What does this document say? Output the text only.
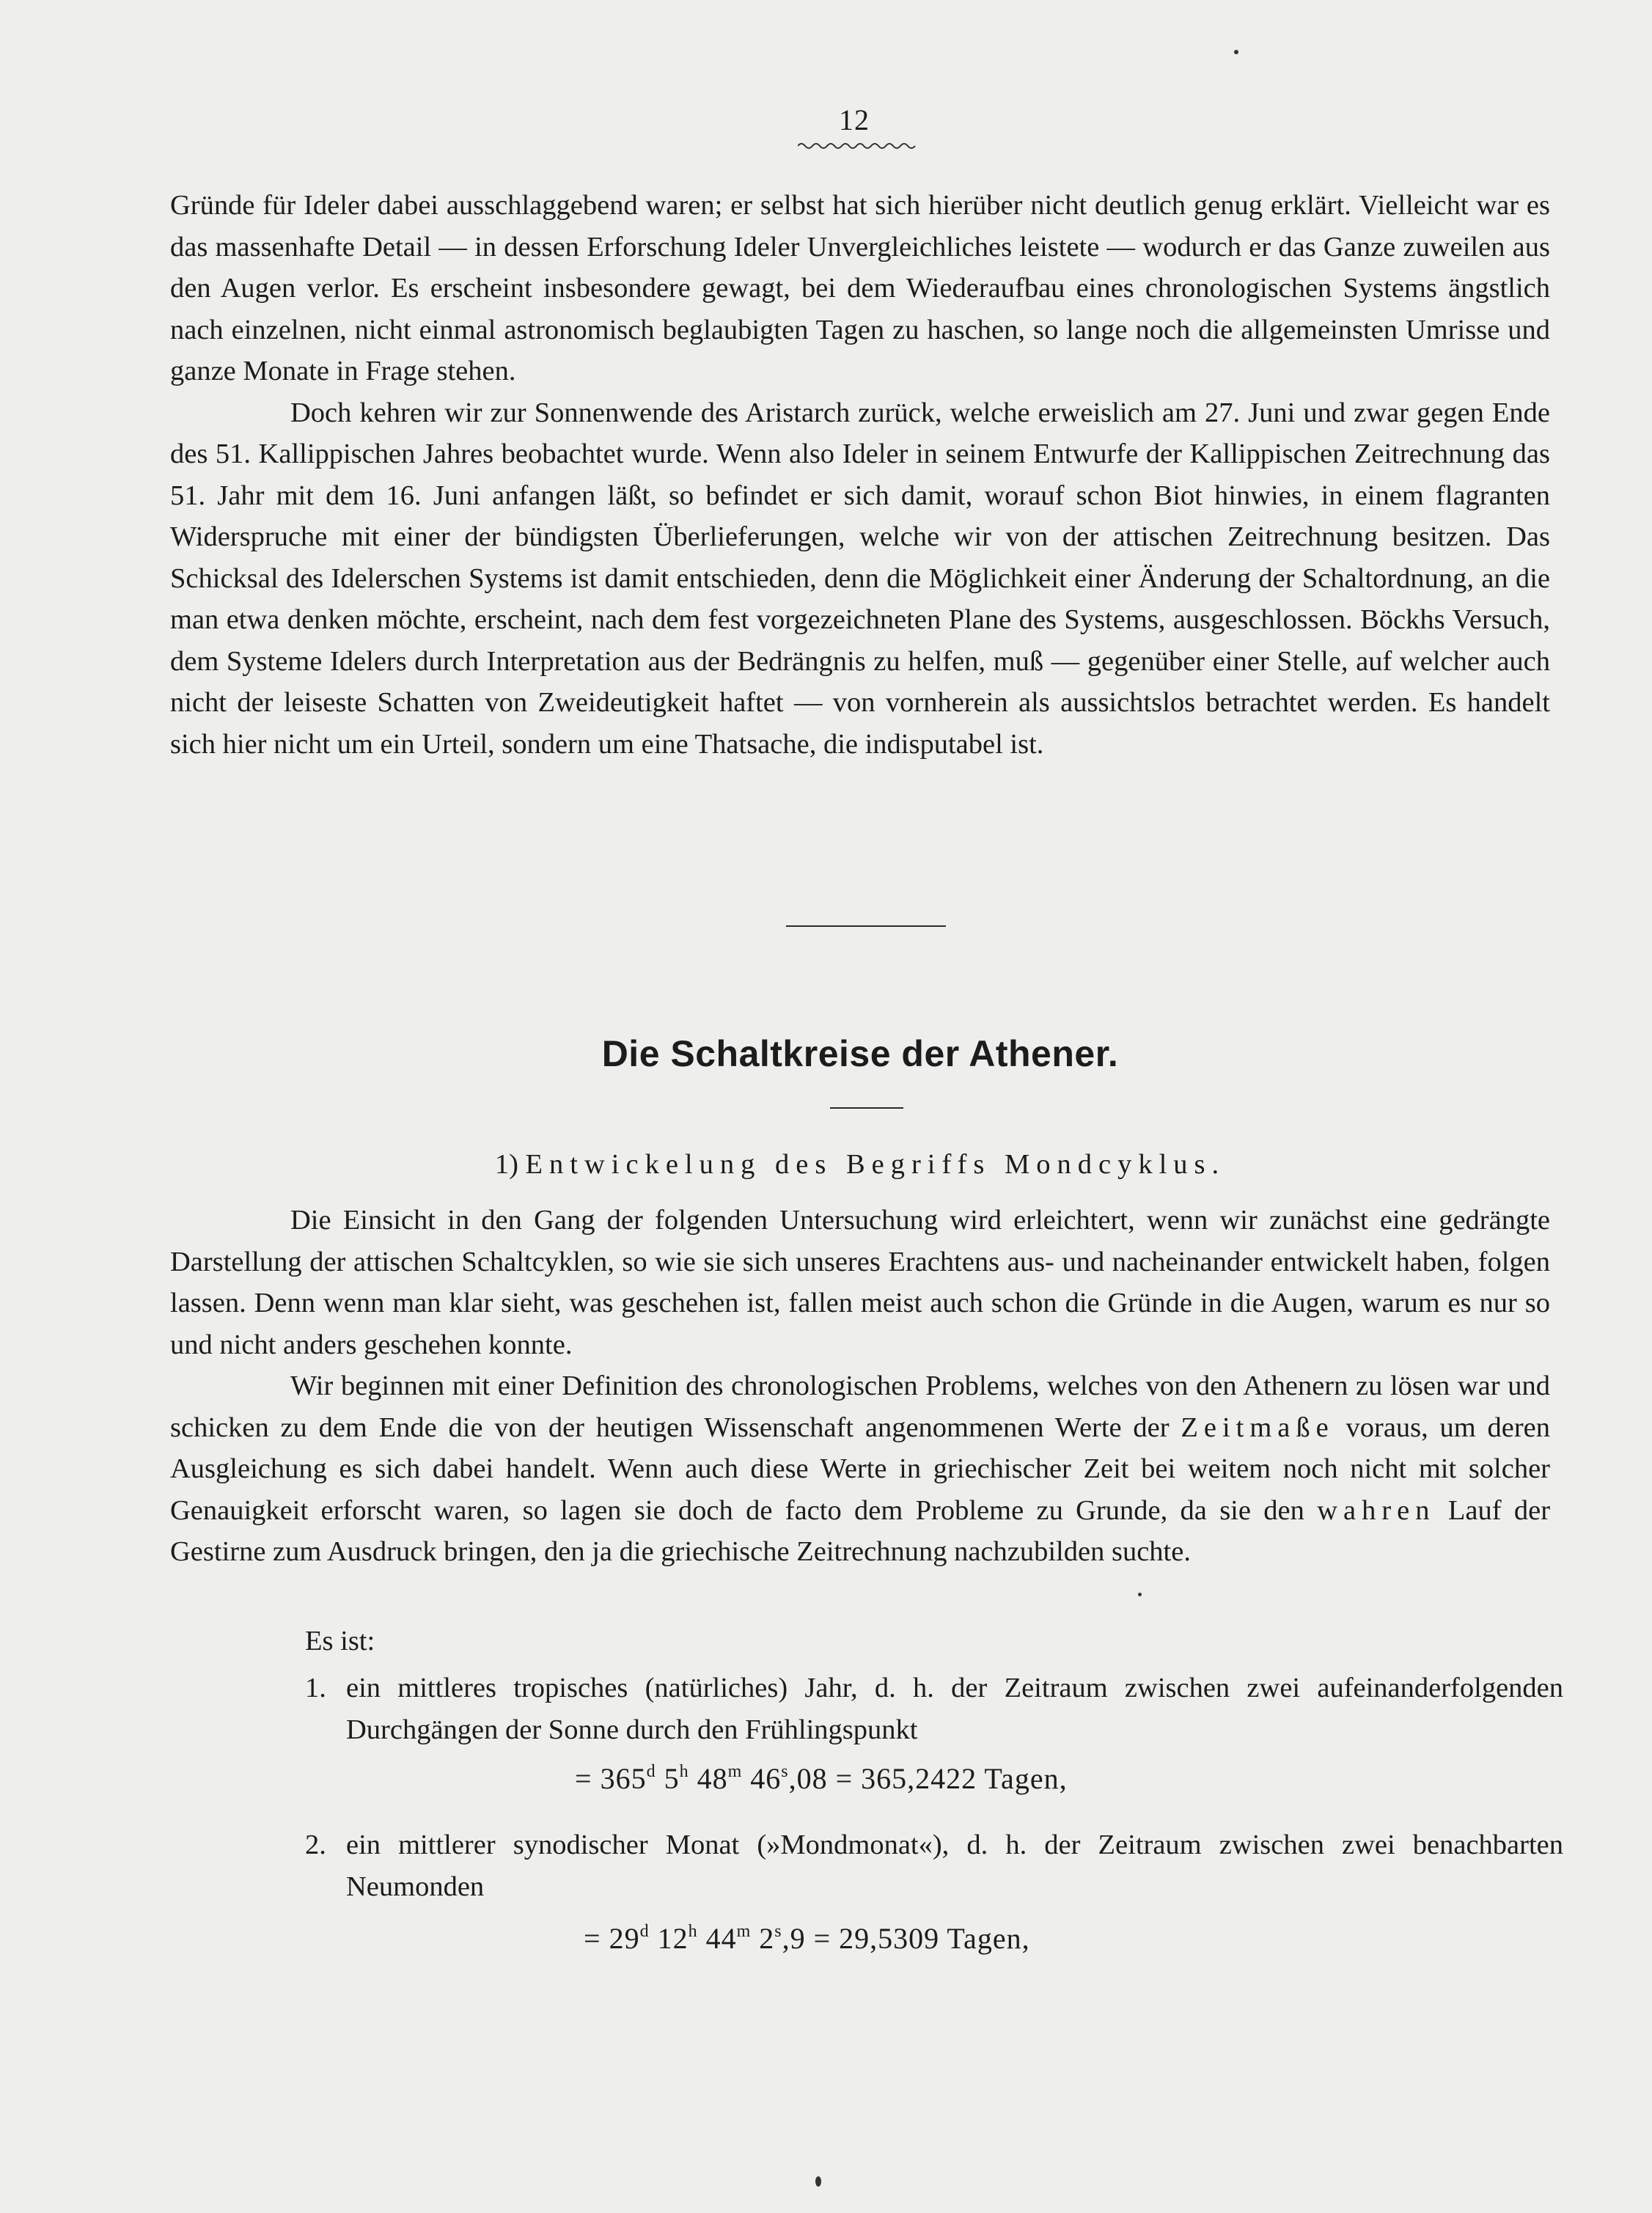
12

Gründe für Ideler dabei ausschlaggebend waren; er selbst hat sich hierüber nicht deutlich genug erklärt. Vielleicht war es das massenhafte Detail — in dessen Erforschung Ideler Unvergleichliches leistete — wodurch er das Ganze zuweilen aus den Augen verlor. Es erscheint insbesondere gewagt, bei dem Wiederaufbau eines chronologischen Systems ängstlich nach einzelnen, nicht einmal astronomisch beglaubigten Tagen zu haschen, so lange noch die allgemeinsten Umrisse und ganze Monate in Frage stehen.

Doch kehren wir zur Sonnenwende des Aristarch zurück, welche erweislich am 27. Juni und zwar gegen Ende des 51. Kallippischen Jahres beobachtet wurde. Wenn also Ideler in seinem Entwurfe der Kallippischen Zeitrechnung das 51. Jahr mit dem 16. Juni anfangen läßt, so befindet er sich damit, worauf schon Biot hinwies, in einem flagranten Widerspruche mit einer der bündigsten Überlieferungen, welche wir von der attischen Zeitrechnung besitzen. Das Schicksal des Idelerschen Systems ist damit entschieden, denn die Möglichkeit einer Änderung der Schaltordnung, an die man etwa denken möchte, erscheint, nach dem fest vorgezeichneten Plane des Systems, ausgeschlossen. Böckhs Versuch, dem Systeme Idelers durch Interpretation aus der Bedrängnis zu helfen, muß — gegenüber einer Stelle, auf welcher auch nicht der leiseste Schatten von Zweideutigkeit haftet — von vornherein als aussichtslos betrachtet werden. Es handelt sich hier nicht um ein Urteil, sondern um eine Thatsache, die indisputabel ist.

Die Schaltkreise der Athener.
1) Entwickelung des Begriffs Mondcyklus.

Die Einsicht in den Gang der folgenden Untersuchung wird erleichtert, wenn wir zunächst eine gedrängte Darstellung der attischen Schaltcyklen, so wie sie sich unseres Erachtens aus- und nacheinander entwickelt haben, folgen lassen. Denn wenn man klar sieht, was geschehen ist, fallen meist auch schon die Gründe in die Augen, warum es nur so und nicht anders geschehen konnte.

Wir beginnen mit einer Definition des chronologischen Problems, welches von den Athenern zu lösen war und schicken zu dem Ende die von der heutigen Wissenschaft angenommenen Werte der Zeitmaße voraus, um deren Ausgleichung es sich dabei handelt. Wenn auch diese Werte in griechischer Zeit bei weitem noch nicht mit solcher Genauigkeit erforscht waren, so lagen sie doch de facto dem Probleme zu Grunde, da sie den wahren Lauf der Gestirne zum Ausdruck bringen, den ja die griechische Zeitrechnung nachzubilden suchte.

Es ist:
1. ein mittleres tropisches (natürliches) Jahr, d. h. der Zeitraum zwischen zwei aufeinanderfolgenden Durchgängen der Sonne durch den Frühlingspunkt
= $365^d$ 5$^h$ 48$^m$ $46^s,08 = 365,2422$ Tagen,
2. ein mittlerer synodischer Monat (»Mondmonat«), d. h. der Zeitraum zwischen zwei benachbarten Neumonden
= $29^d$ 12$^h$ 44$^m$ $2^s,9 = 29,5309$ Tagen,
